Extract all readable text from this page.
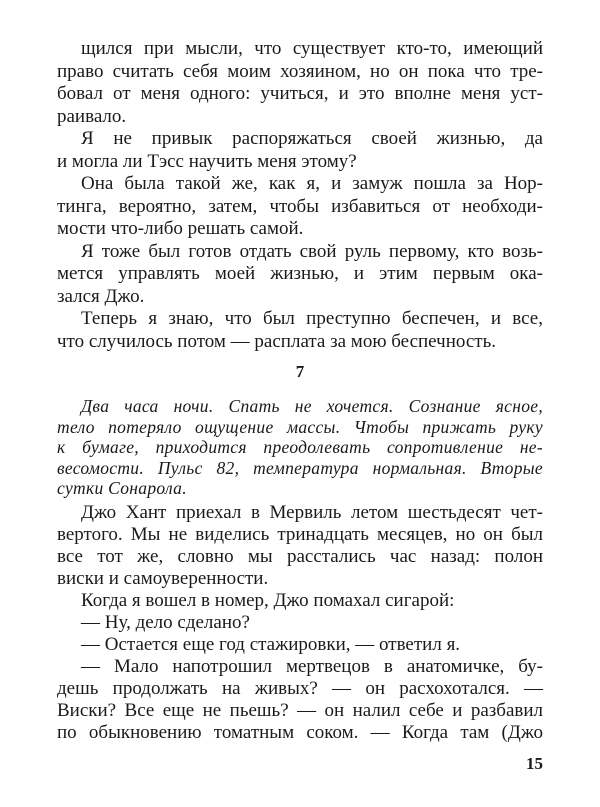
щился при мысли, что существует кто-то, имеющий
право считать себя моим хозяином, но он пока что тре-
бовал от меня одного: учиться, и это вполне меня уст-
раивало.
Я не привык распоряжаться своей жизнью, да
и могла ли Тэсс научить меня этому?
Она была такой же, как я, и замуж пошла за Нор-
тинга, вероятно, затем, чтобы избавиться от необходи-
мости что-либо решать самой.
Я тоже был готов отдать свой руль первому, кто возь-
мется управлять моей жизнью, и этим первым ока-
зался Джо.
Теперь я знаю, что был преступно беспечен, и все,
что случилось потом — расплата за мою беспечность.
7
Два часа ночи. Спать не хочется. Сознание ясное,
тело потеряло ощущение массы. Чтобы прижать руку
к бумаге, приходится преодолевать сопротивление не-
весомости. Пульс 82, температура нормальная. Вторые
сутки Сонарола.
Джо Хант приехал в Мервиль летом шестьдесят чет-
вертого. Мы не виделись тринадцать месяцев, но он был
все тот же, словно мы расстались час назад: полон
виски и самоуверенности.
Когда я вошел в номер, Джо помахал сигарой:
— Ну, дело сделано?
— Остается еще год стажировки, — ответил я.
— Мало напотрошил мертвецов в анатомичке, бу-
дешь продолжать на живых? — он расхохотался. —
Виски? Все еще не пьешь? — он налил себе и разбавил
по обыкновению томатным соком. — Когда там (Джо
15
